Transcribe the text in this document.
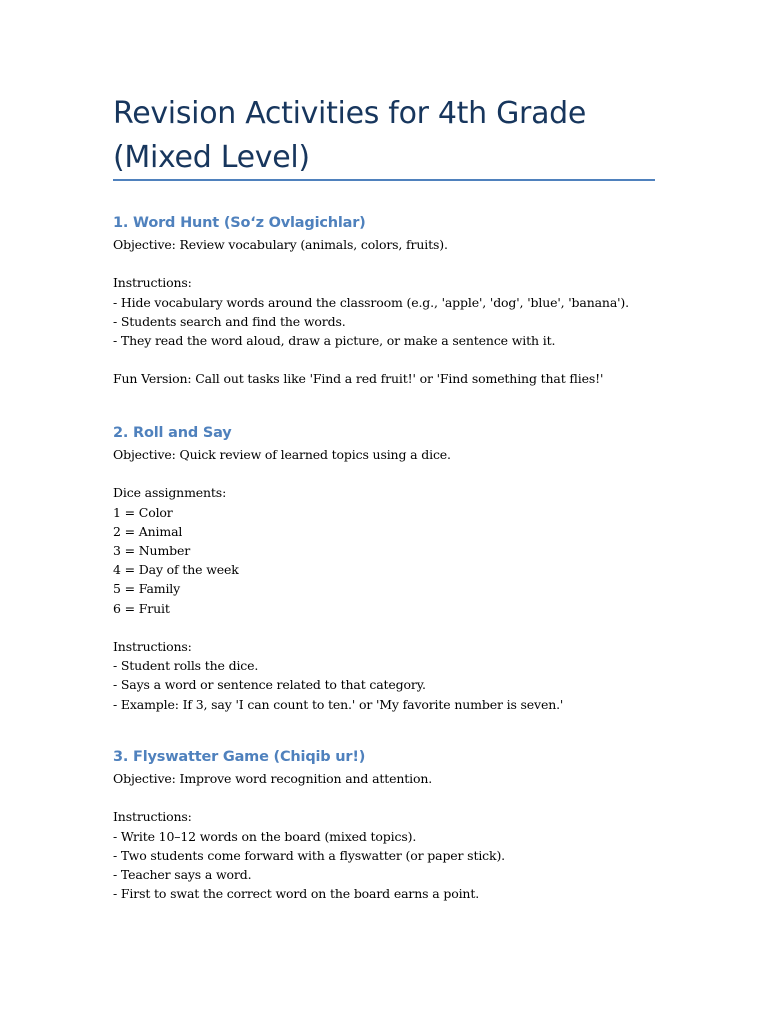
Revision Activities for 4th Grade (Mixed Level)
1. Word Hunt (So‘z Ovlagichlar)
Objective: Review vocabulary (animals, colors, fruits).
Instructions:
- Hide vocabulary words around the classroom (e.g., 'apple', 'dog', 'blue', 'banana').
- Students search and find the words.
- They read the word aloud, draw a picture, or make a sentence with it.
Fun Version: Call out tasks like 'Find a red fruit!' or 'Find something that flies!'
2. Roll and Say
Objective: Quick review of learned topics using a dice.
Dice assignments:
1 = Color
2 = Animal
3 = Number
4 = Day of the week
5 = Family
6 = Fruit
Instructions:
- Student rolls the dice.
- Says a word or sentence related to that category.
- Example: If 3, say 'I can count to ten.' or 'My favorite number is seven.'
3. Flyswatter Game (Chiqib ur!)
Objective: Improve word recognition and attention.
Instructions:
- Write 10–12 words on the board (mixed topics).
- Two students come forward with a flyswatter (or paper stick).
- Teacher says a word.
- First to swat the correct word on the board earns a point.
